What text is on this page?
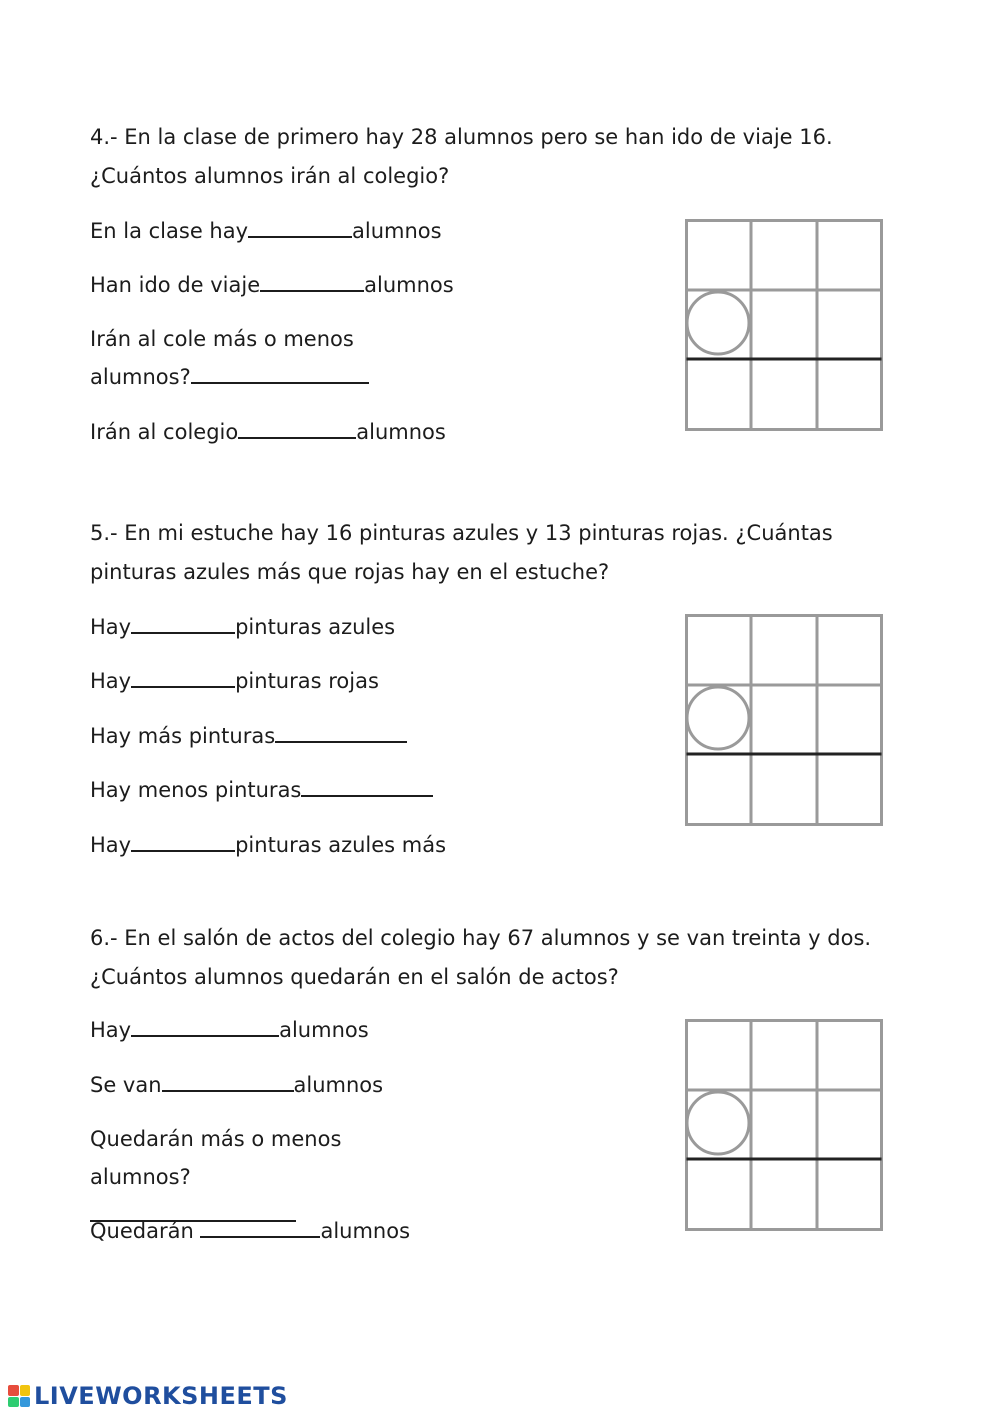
4.- En la clase de primero hay 28 alumnos pero se han ido de viaje 16.

¿Cuántos alumnos irán al colegio?

En la clase hay	alumnos
Han ido de viaje	alumnos
Irán al cole más o menos alumnos?
Irán al colegio	alumnos

5.- En mi estuche hay 16 pinturas azules y 13 pinturas rojas. ¿Cuántas

pinturas azules más que rojas hay en el estuche?

Hay	pinturas azules
Hay	pinturas rojas
Hay más pinturas
Hay menos pinturas
Hay	pinturas azules más

6.- En el salón de actos del colegio hay 67 alumnos y se van treinta y dos.

¿Cuántos alumnos quedarán en el salón de actos?

Hay	alumnos
Se van	alumnos
Quedarán más o menos alumnos?
Quedarán	alumnos
LIVEWORKSHEETS
